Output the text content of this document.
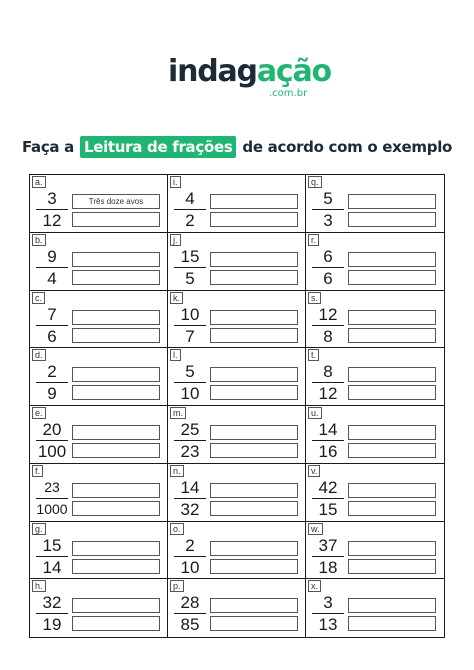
indagação
.com.br
Faça a Leitura de frações de acordo com o exemplo
a.
$\frac{3}{12}$	Três doze avos
i.
$\frac{4}{2}$
q.
$\frac{5}{3}$
b.
$\frac{9}{4}$
j.
$\frac{15}{5}$
r.
$\frac{6}{6}$
c.
$\frac{7}{6}$
k.
$\frac{10}{7}$
s.
$\frac{12}{8}$
d.
$\frac{2}{9}$
l.
$\frac{5}{10}$
t.
$\frac{8}{12}$
e.
$\frac{20}{100}$
m.
$\frac{25}{23}$
u.
$\frac{14}{16}$
f.
$\frac{23}{1000}$
n.
$\frac{14}{32}$
v.
$\frac{42}{15}$
g.
$\frac{15}{14}$
o.
$\frac{2}{10}$
w.
$\frac{37}{18}$
h.
$\frac{32}{19}$
p.
$\frac{28}{85}$
x.
$\frac{3}{13}$
